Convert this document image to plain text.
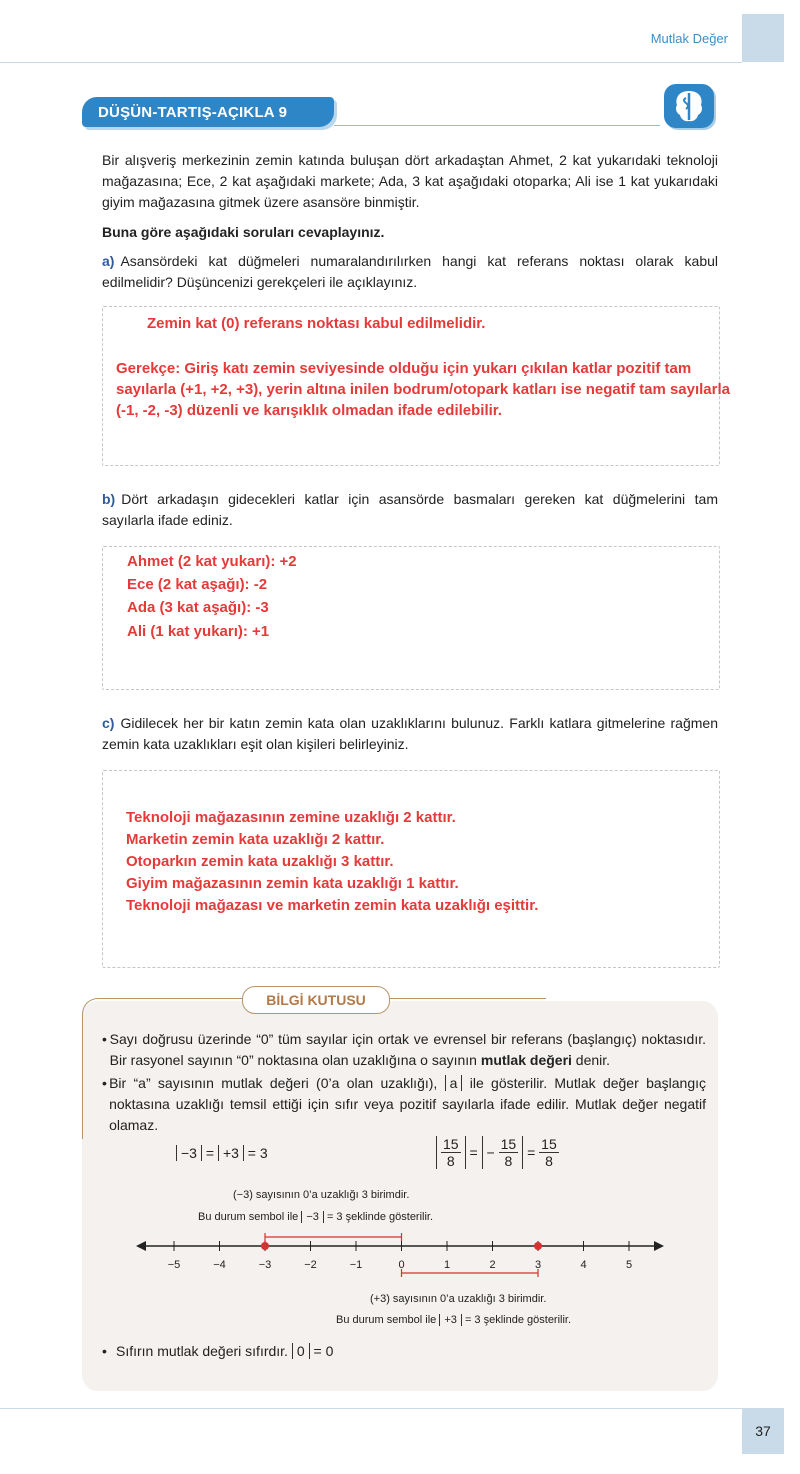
Mutlak Değer
DÜŞÜN-TARTIŞ-AÇIKLA 9
Bir alışveriş merkezinin zemin katında buluşan dört arkadaştan Ahmet, 2 kat yukarıdaki teknoloji mağazasına; Ece, 2 kat aşağıdaki markete; Ada, 3 kat aşağıdaki otoparka; Ali ise 1 kat yukarıdaki giyim mağazasına gitmek üzere asansöre binmiştir.
Buna göre aşağıdaki soruları cevaplayınız.
a) Asansördeki kat düğmeleri numaralandırılırken hangi kat referans noktası olarak kabul edilmelidir? Düşüncenizi gerekçeleri ile açıklayınız.
Zemin kat (0) referans noktası kabul edilmelidir.
Gerekçe: Giriş katı zemin seviyesinde olduğu için yukarı çıkılan katlar pozitif tam sayılarla (+1, +2, +3), yerin altına inilen bodrum/otopark katları ise negatif tam sayılarla (-1, -2, -3) düzenli ve karışıklık olmadan ifade edilebilir.
b) Dört arkadaşın gidecekleri katlar için asansörde basmaları gereken kat düğmelerini tam sayılarla ifade ediniz.
Ahmet (2 kat yukarı): +2
Ece (2 kat aşağı): -2
Ada (3 kat aşağı): -3
Ali (1 kat yukarı): +1
c) Gidilecek her bir katın zemin kata olan uzaklıklarını bulunuz. Farklı katlara gitmelerine rağmen zemin kata uzaklıkları eşit olan kişileri belirleyiniz.
Teknoloji mağazasının zemine uzaklığı 2 kattır.
Marketin zemin kata uzaklığı 2 kattır.
Otoparkın zemin kata uzaklığı 3 kattır.
Giyim mağazasının zemin kata uzaklığı 1 kattır.
Teknoloji mağazası ve marketin zemin kata uzaklığı eşittir.
BİLGİ KUTUSU
• Sayı doğrusu üzerinde “0” tüm sayılar için ortak ve evrensel bir referans (başlangıç) noktasıdır. Bir rasyonel sayının “0” noktasına olan uzaklığına o sayının mutlak değeri denir.
• Bir “a” sayısının mutlak değeri (0’a olan uzaklığı), a ile gösterilir. Mutlak değer başlangıç noktasına uzaklığı temsil ettiği için sıfır veya pozitif sayılarla ifade edilir. Mutlak değer negatif olamaz.
−3 = +3 = 3	$\frac{15}{8}$ = − $\frac{15}{8} = \frac{15}{8}$
(−3) sayısının 0’a uzaklığı 3 birimdir.
Bu durum sembol ile −3 = 3 şeklinde gösterilir.
−5	−4	−3	−2	−1	0	1	2	3	4	5
(+3) sayısının 0’a uzaklığı 3 birimdir.
Bu durum sembol ile +3 = 3 şeklinde gösterilir.
• Sıfırın mutlak değeri sıfırdır. 0 = 0
37
